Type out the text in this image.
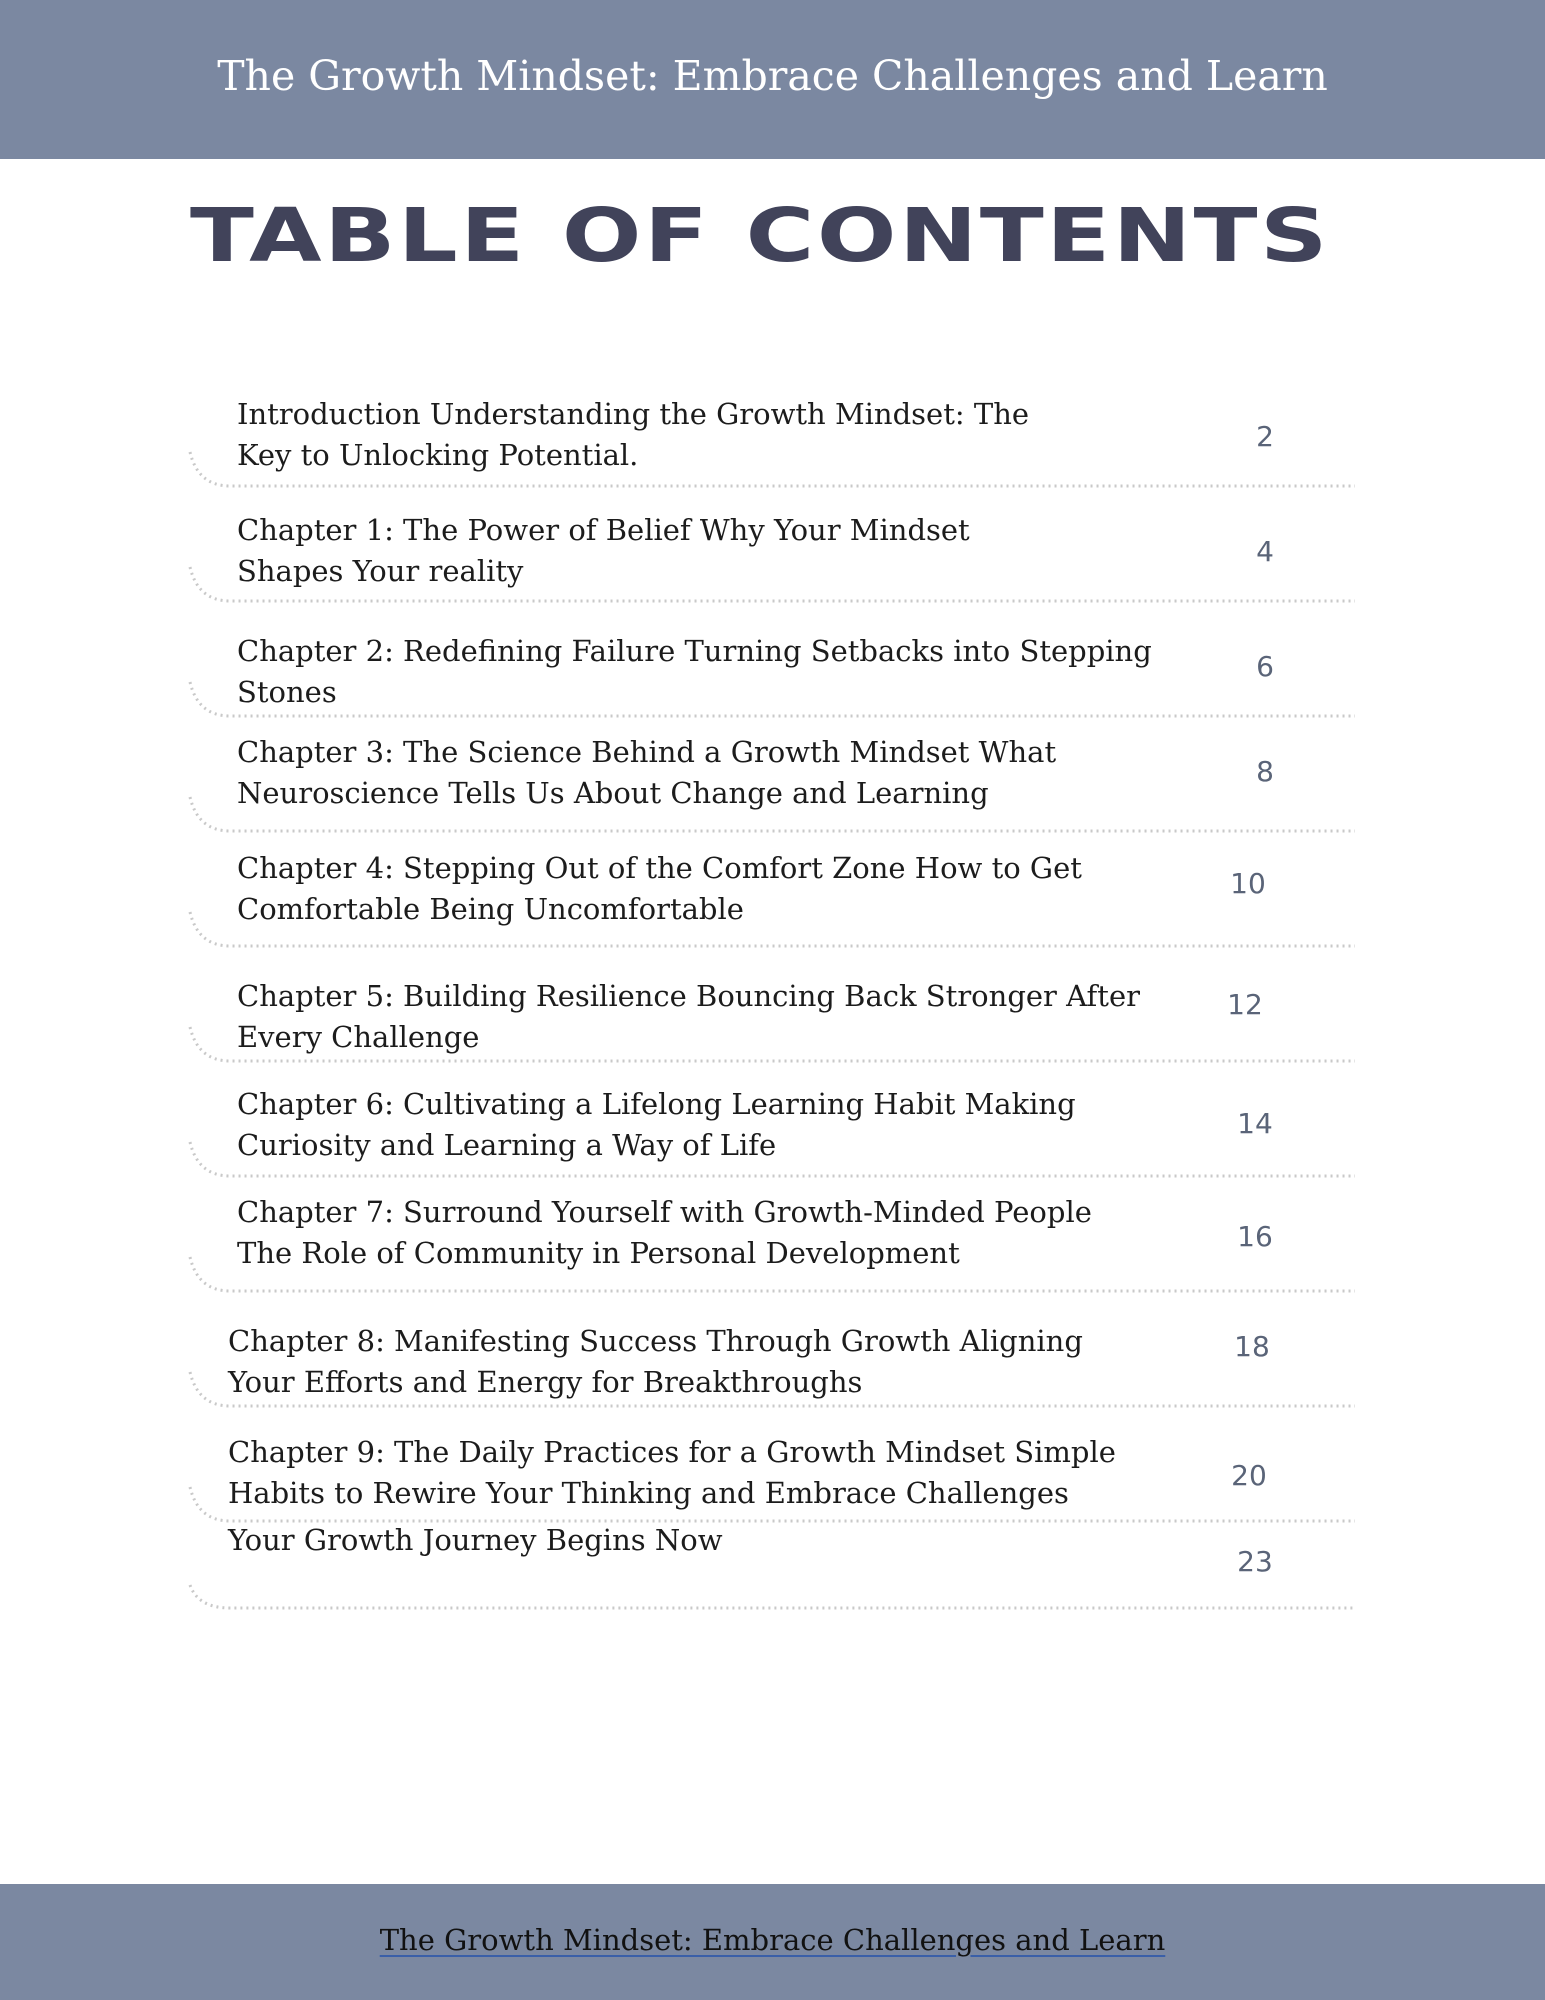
The Growth Mindset: Embrace Challenges and Learn
TABLE OF CONTENTS
Introduction Understanding the Growth Mindset: The
Key to Unlocking Potential.
2
Chapter 1: The Power of Belief Why Your Mindset
Shapes Your reality
4
Chapter 2: Redefining Failure Turning Setbacks into Stepping
Stones
6
Chapter 3: The Science Behind a Growth Mindset What
Neuroscience Tells Us About Change and Learning
8
Chapter 4: Stepping Out of the Comfort Zone How to Get
Comfortable Being Uncomfortable
10
Chapter 5: Building Resilience Bouncing Back Stronger After
Every Challenge
12
Chapter 6: Cultivating a Lifelong Learning Habit Making
Curiosity and Learning a Way of Life
14
Chapter 7: Surround Yourself with Growth-Minded People
The Role of Community in Personal Development	16
Chapter 8: Manifesting Success Through Growth Aligning
Your Efforts and Energy for Breakthroughs
18
Chapter 9: The Daily Practices for a Growth Mindset Simple
Habits to Rewire Your Thinking and Embrace Challenges
20
Your Growth Journey Begins Now
23
The Growth Mindset: Embrace Challenges and Learn
